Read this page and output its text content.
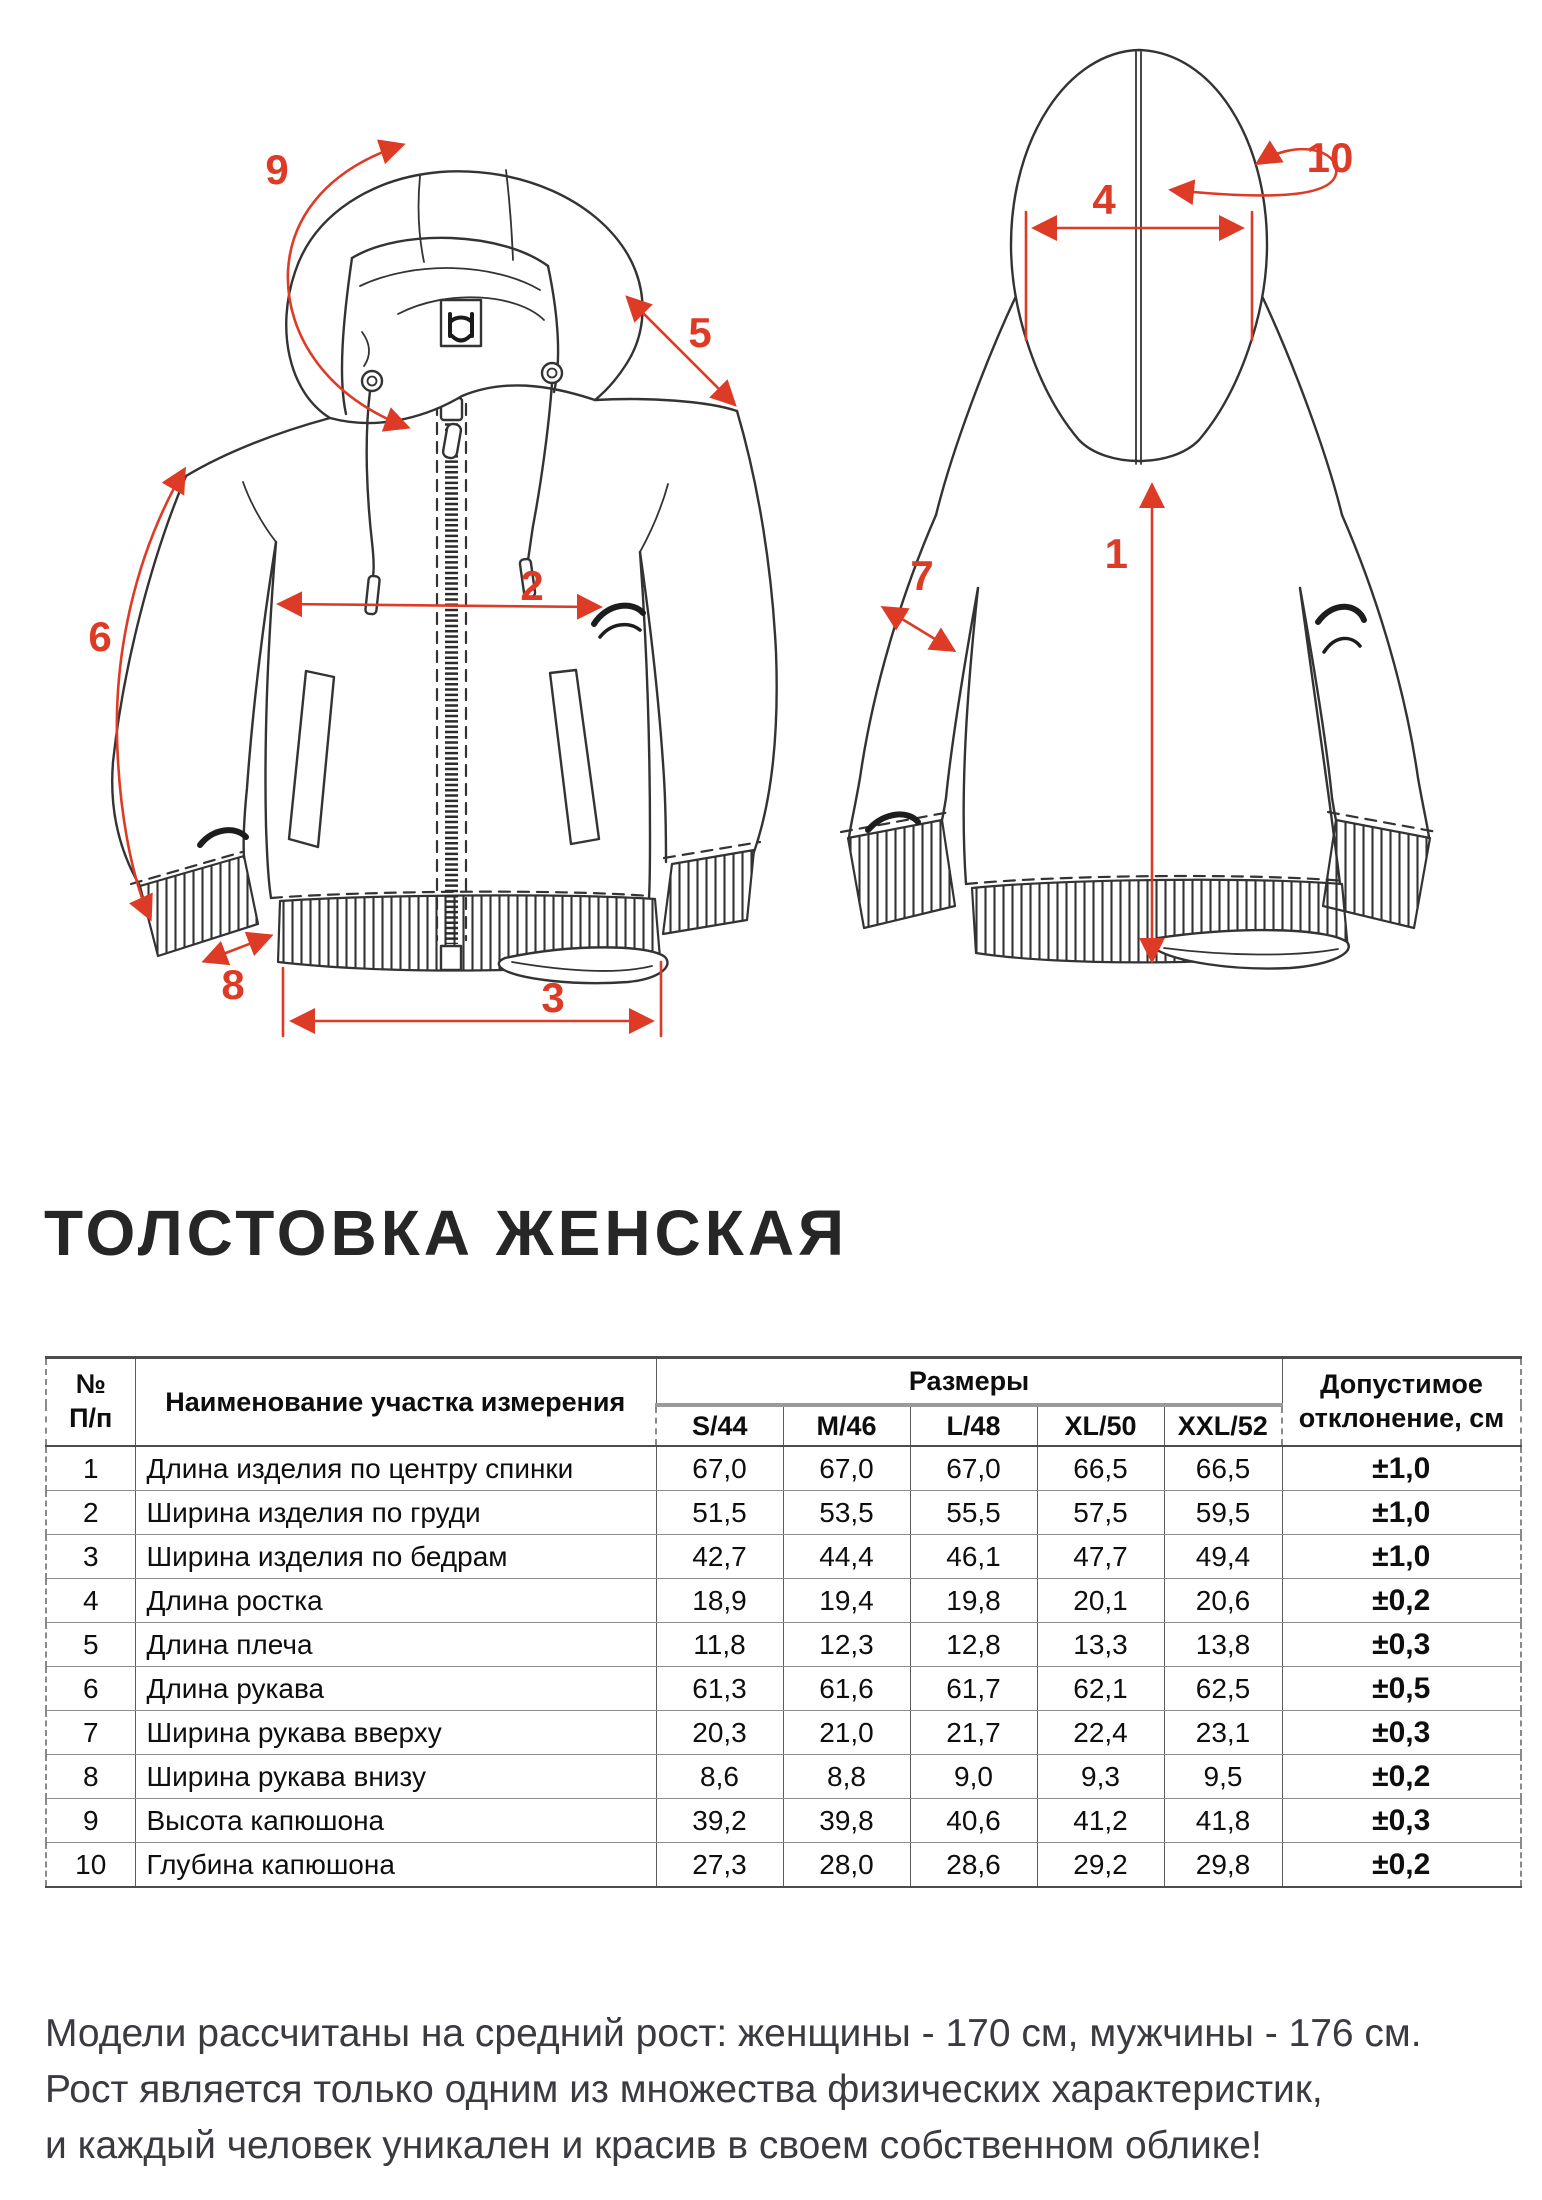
9
5
6
2
8	3
10
4
1
7
ТОЛСТОВКА ЖЕНСКАЯ
№
П/п
	Наименование участка измерения	Размеры	Допустимое
отклонение, см

		S/44	M/46	L/48	XL/50	XXL/52	
1	Длина изделия по центру спинки	67,0	67,0	67,0	66,5	66,5	±1,0
2	Ширина изделия по груди	51,5	53,5	55,5	57,5	59,5	±1,0
3	Ширина изделия по бедрам	42,7	44,4	46,1	47,7	49,4	±1,0
4	Длина ростка	18,9	19,4	19,8	20,1	20,6	±0,2
5	Длина плеча	11,8	12,3	12,8	13,3	13,8	±0,3
6	Длина рукава	61,3	61,6	61,7	62,1	62,5	±0,5
7	Ширина рукава вверху	20,3	21,0	21,7	22,4	23,1	±0,3
8	Ширина рукава внизу	8,6	8,8	9,0	9,3	9,5	±0,2
9	Высота капюшона	39,2	39,8	40,6	41,2	41,8	±0,3
10	Глубина капюшона	27,3	28,0	28,6	29,2	29,8	±0,2
Модели рассчитаны на средний рост: женщины - 170 см, мужчины - 176 см.
Рост является только одним из множества физических характеристик,
и каждый человек уникален и красив в своем собственном облике!
